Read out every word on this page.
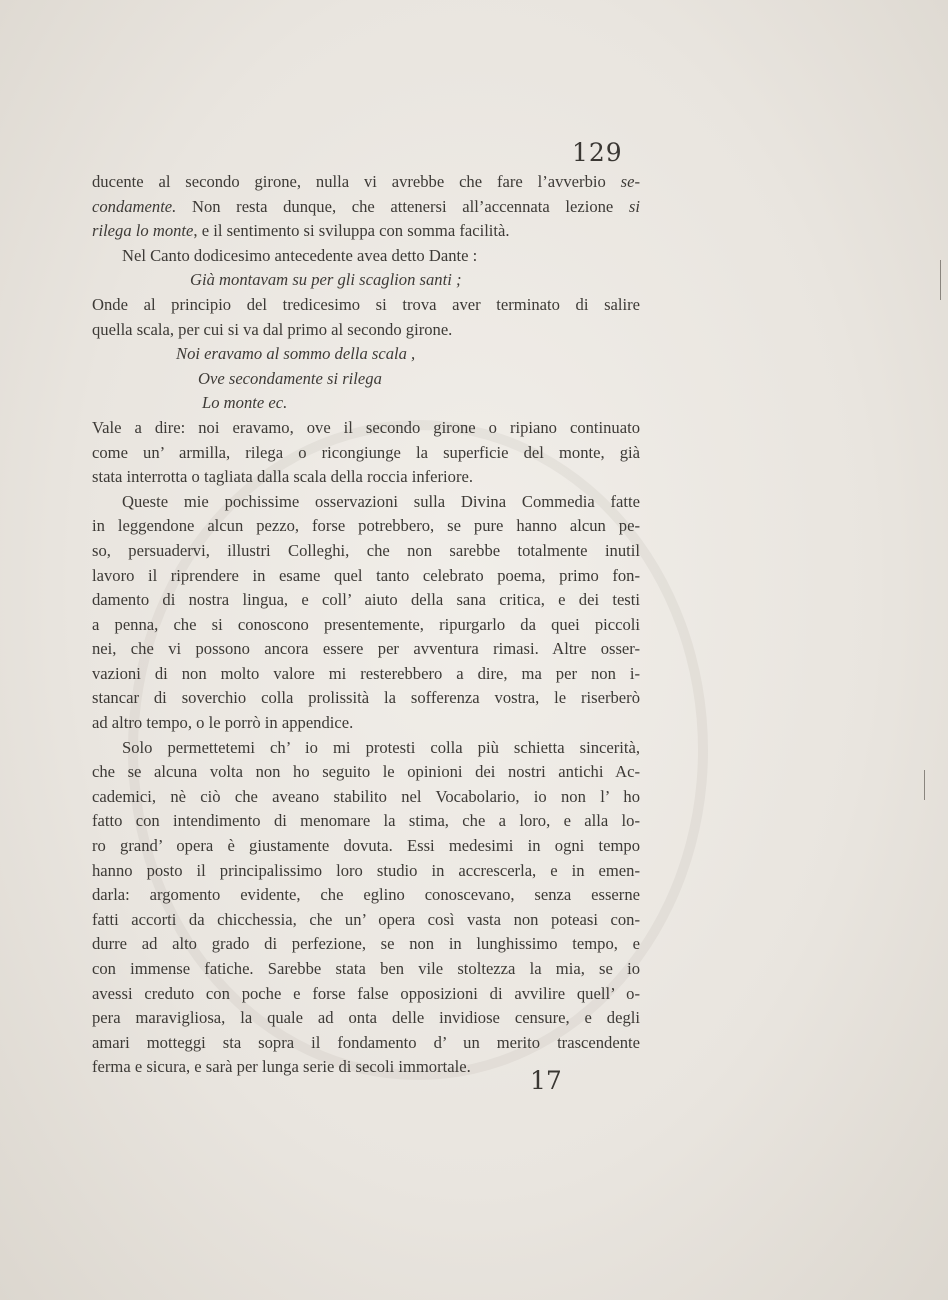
129
ducente al secondo girone, nulla vi avrebbe che fare l’avverbio se-
condamente. Non resta dunque, che attenersi all’accennata lezione si
rilega lo monte, e il sentimento si sviluppa con somma facilità.
Nel Canto dodicesimo antecedente avea detto Dante :
Già montavam su per gli scaglion santi ;
Onde al principio del tredicesimo si trova aver terminato di salire
quella scala, per cui si va dal primo al secondo girone.
Noi eravamo al sommo della scala ,
Ove secondamente si rilega
Lo monte ec.
Vale a dire: noi eravamo, ove il secondo girone o ripiano continuato
come un’ armilla, rilega o ricongiunge la superficie del monte, già
stata interrotta o tagliata dalla scala della roccia inferiore.
Queste mie pochissime osservazioni sulla Divina Commedia fatte
in leggendone alcun pezzo, forse potrebbero, se pure hanno alcun pe-
so, persuadervi, illustri Colleghi, che non sarebbe totalmente inutil
lavoro il riprendere in esame quel tanto celebrato poema, primo fon-
damento di nostra lingua, e coll’ aiuto della sana critica, e dei testi
a penna, che si conoscono presentemente, ripurgarlo da quei piccoli
nei, che vi possono ancora essere per avventura rimasi. Altre osser-
vazioni di non molto valore mi resterebbero a dire, ma per non i-
stancar di soverchio colla prolissità la sofferenza vostra, le riserberò
ad altro tempo, o le porrò in appendice.
Solo permettetemi ch’ io mi protesti colla più schietta sincerità,
che se alcuna volta non ho seguito le opinioni dei nostri antichi Ac-
cademici, nè ciò che aveano stabilito nel Vocabolario, io non l’ ho
fatto con intendimento di menomare la stima, che a loro, e alla lo-
ro grand’ opera è giustamente dovuta. Essi medesimi in ogni tempo
hanno posto il principalissimo loro studio in accrescerla, e in emen-
darla: argomento evidente, che eglino conoscevano, senza esserne
fatti accorti da chicchessia, che un’ opera così vasta non poteasi con-
durre ad alto grado di perfezione, se non in lunghissimo tempo, e
con immense fatiche. Sarebbe stata ben vile stoltezza la mia, se io
avessi creduto con poche e forse false opposizioni di avvilire quell’ o-
pera maravigliosa, la quale ad onta delle invidiose censure, e degli
amari motteggi sta sopra il fondamento d’ un merito trascendente
ferma e sicura, e sarà per lunga serie di secoli immortale.	17
